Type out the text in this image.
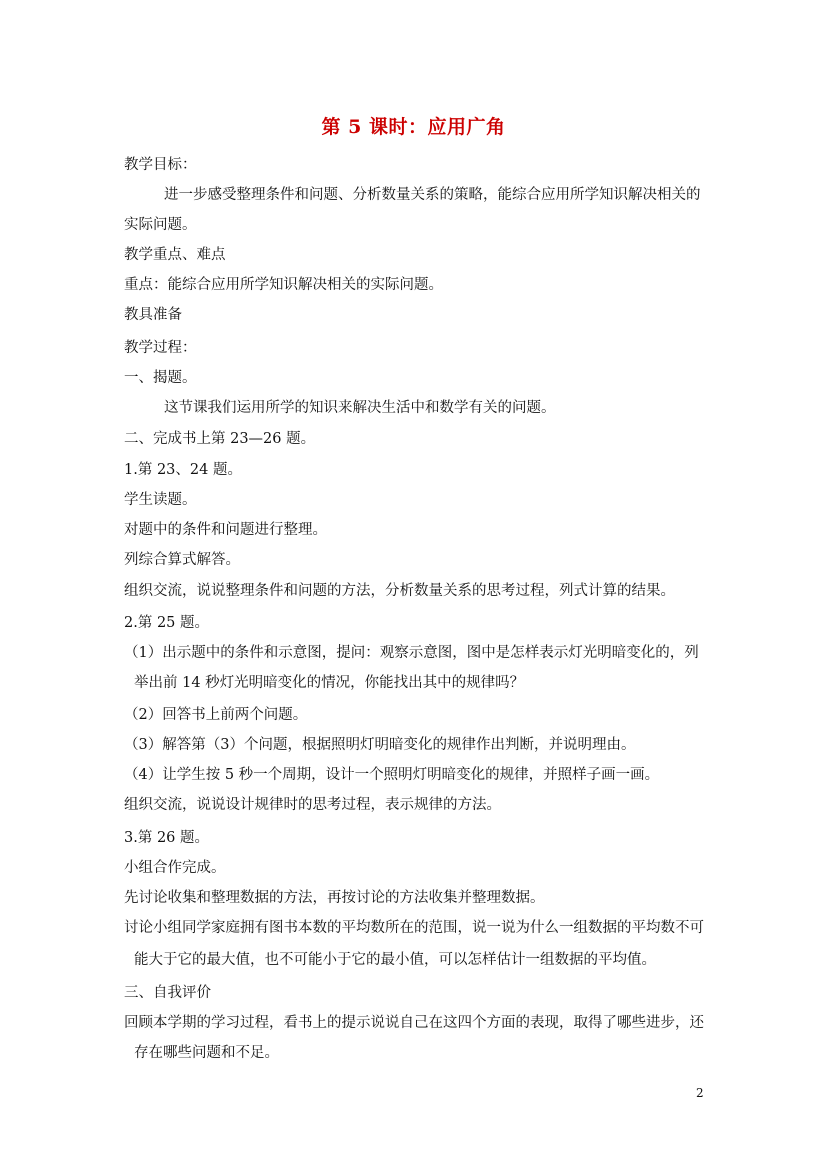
第 5 课时：应用广角
教学目标：
进一步感受整理条件和问题、分析数量关系的策略，能综合应用所学知识解决相关的
实际问题。
教学重点、难点
重点：能综合应用所学知识解决相关的实际问题。
教具准备
教学过程：
一、揭题。
这节课我们运用所学的知识来解决生活中和数学有关的问题。
二、完成书上第 23—26 题。
1.第 23、24 题。
学生读题。
对题中的条件和问题进行整理。
列综合算式解答。
组织交流，说说整理条件和问题的方法，分析数量关系的思考过程，列式计算的结果。
2.第 25 题。
（1）出示题中的条件和示意图，提问：观察示意图，图中是怎样表示灯光明暗变化的，列
举出前 14 秒灯光明暗变化的情况，你能找出其中的规律吗？
（2）回答书上前两个问题。
（3）解答第（3）个问题，根据照明灯明暗变化的规律作出判断，并说明理由。
（4）让学生按 5 秒一个周期，设计一个照明灯明暗变化的规律，并照样子画一画。
组织交流，说说设计规律时的思考过程，表示规律的方法。
3.第 26 题。
小组合作完成。
先讨论收集和整理数据的方法，再按讨论的方法收集并整理数据。
讨论小组同学家庭拥有图书本数的平均数所在的范围，说一说为什么一组数据的平均数不可
能大于它的最大值，也不可能小于它的最小值，可以怎样估计一组数据的平均值。
三、自我评价
回顾本学期的学习过程，看书上的提示说说自己在这四个方面的表现，取得了哪些进步，还
存在哪些问题和不足。
2
